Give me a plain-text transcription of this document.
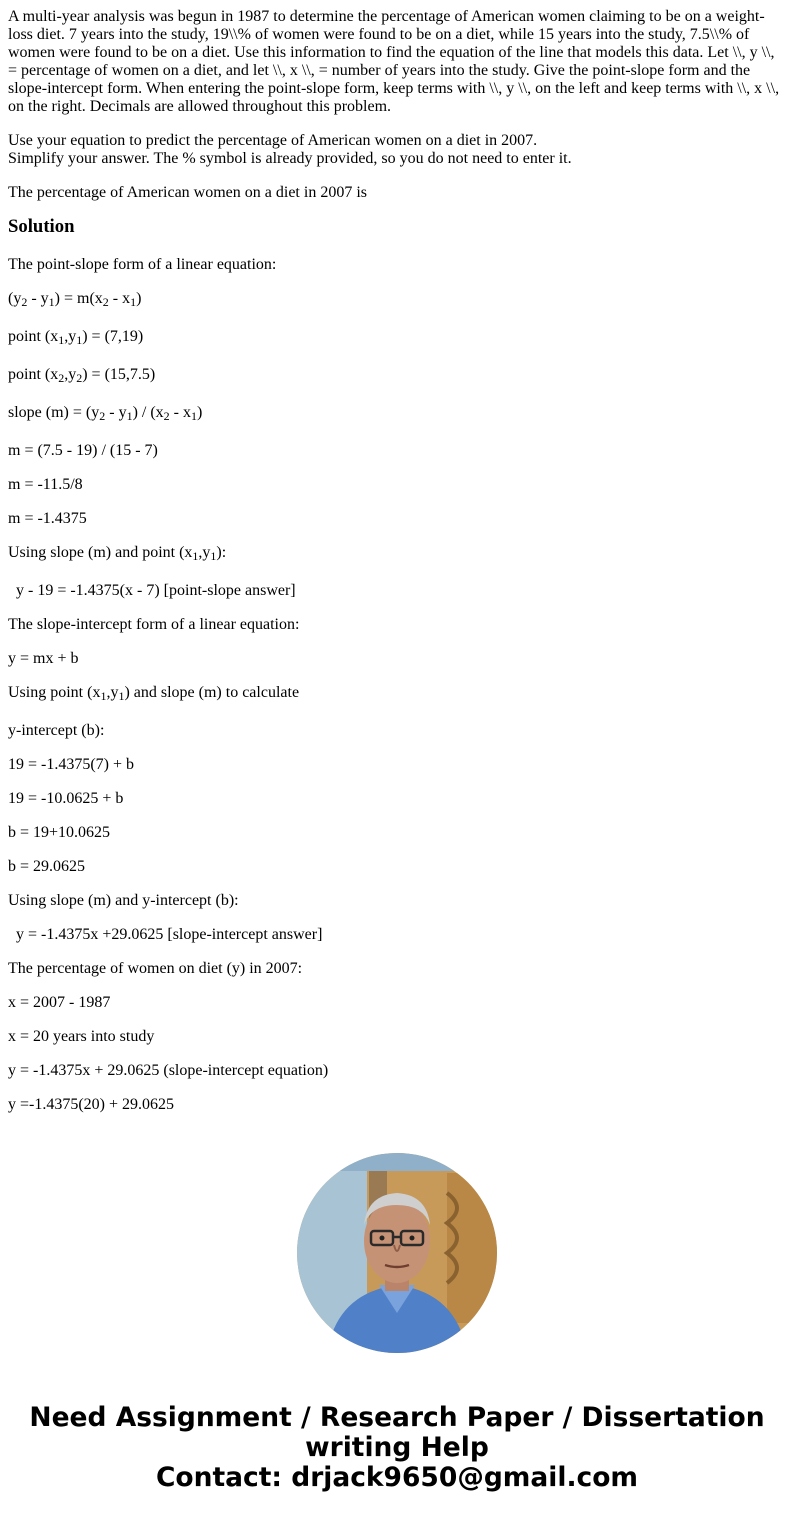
A multi-year analysis was begun in 1987 to determine the percentage of American women claiming to be on a weight-loss diet. 7 years into the study, 19\\% of women were found to be on a diet, while 15 years into the study, 7.5\\% of women were found to be on a diet. Use this information to find the equation of the line that models this data. Let \\, y \\, = percentage of women on a diet, and let \\, x \\, = number of years into the study. Give the point-slope form and the slope-intercept form. When entering the point-slope form, keep terms with \\, y \\, on the left and keep terms with \\, x \\, on the right. Decimals are allowed throughout this problem.

Use your equation to predict the percentage of American women on a diet in 2007.
Simplify your answer. The % symbol is already provided, so you do not need to enter it.

The percentage of American women on a diet in 2007 is

Solution
The point-slope form of a linear equation:
$(y_2 - y_1) = m(x_2 - x_1)$
point $(x_1,y_1) = (7,19)$
point $(x_2,y_2) = (15,7.5)$
slope $(m) = (y_2 - y_1) / (x_2 - x_1)$
m = (7.5 - 19) / (15 - 7)
m = -11.5/8
m = -1.4375
Using slope (m) and point $(x_1,y_1)$:
y - 19 = -1.4375(x - 7) [point-slope answer]
The slope-intercept form of a linear equation:
y = mx + b
Using point $(x_1,y_1)$ and slope (m) to calculate
y-intercept (b):
19 = -1.4375(7) + b
19 = -10.0625 + b
b = 19+10.0625
b = 29.0625
Using slope (m) and y-intercept (b):
y = -1.4375x +29.0625 [slope-intercept answer]
The percentage of women on diet (y) in 2007:
x = 2007 - 1987
x = 20 years into study
y = -1.4375x + 29.0625 (slope-intercept equation)
y =-1.4375(20) + 29.0625
Need Assignment / Research Paper / Dissertation
writing Help
Contact: drjack9650@gmail.com
